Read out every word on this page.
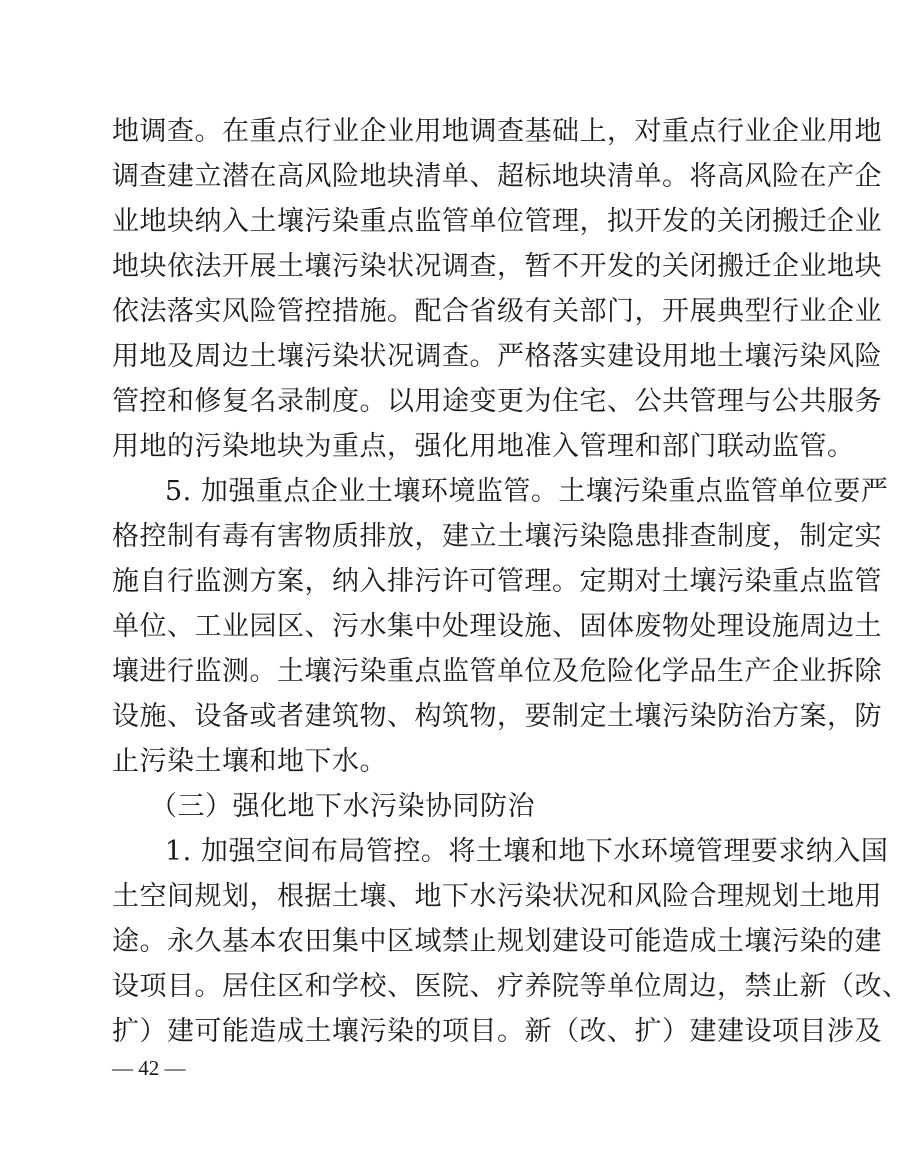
地调查。在重点行业企业用地调查基础上，对重点行业企业用地
调查建立潜在高风险地块清单、超标地块清单。将高风险在产企
业地块纳入土壤污染重点监管单位管理，拟开发的关闭搬迁企业
地块依法开展土壤污染状况调查，暂不开发的关闭搬迁企业地块
依法落实风险管控措施。配合省级有关部门，开展典型行业企业
用地及周边土壤污染状况调查。严格落实建设用地土壤污染风险
管控和修复名录制度。以用途变更为住宅、公共管理与公共服务
用地的污染地块为重点，强化用地准入管理和部门联动监管。
5. 加强重点企业土壤环境监管。土壤污染重点监管单位要严
格控制有毒有害物质排放，建立土壤污染隐患排查制度，制定实
施自行监测方案，纳入排污许可管理。定期对土壤污染重点监管
单位、工业园区、污水集中处理设施、固体废物处理设施周边土
壤进行监测。土壤污染重点监管单位及危险化学品生产企业拆除
设施、设备或者建筑物、构筑物，要制定土壤污染防治方案，防
止污染土壤和地下水。
（三）强化地下水污染协同防治
1. 加强空间布局管控。将土壤和地下水环境管理要求纳入国
土空间规划，根据土壤、地下水污染状况和风险合理规划土地用
途。永久基本农田集中区域禁止规划建设可能造成土壤污染的建
设项目。居住区和学校、医院、疗养院等单位周边，禁止新（改、
扩）建可能造成土壤污染的项目。新（改、扩）建建设项目涉及
— 42 —
